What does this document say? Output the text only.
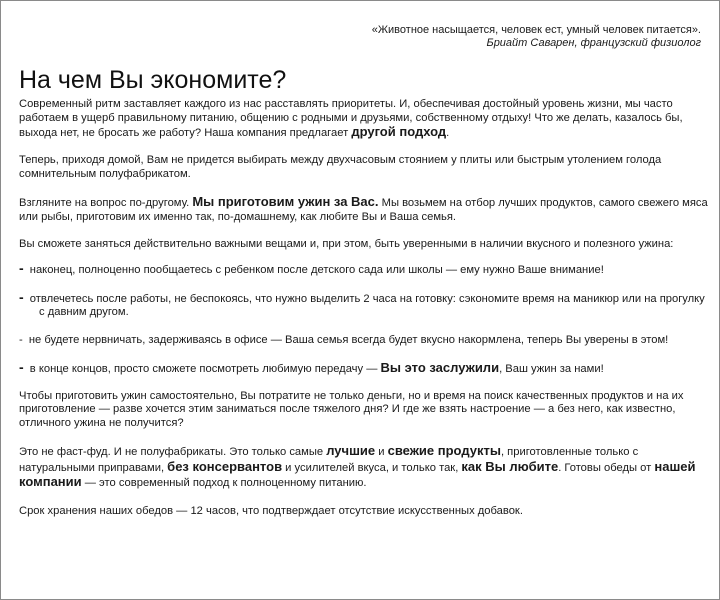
«Животное насыщается, человек ест, умный человек питается».
Бриайт Саварен, французский физиолог
На чем Вы экономите?

Современный ритм заставляет каждого из нас расставлять приоритеты. И, обеспечивая достойный уровень жизни, мы часто работаем в ущерб правильному питанию, общению с родными и друзьями, собственному отдыху! Что же делать, казалось бы, выхода нет, не бросать же работу? Наша компания предлагает другой подход.

Теперь, приходя домой, Вам не придется выбирать между двухчасовым стоянием у плиты или быстрым утолением голода сомнительным полуфабрикатом.

Взгляните на вопрос по-другому. Мы приготовим ужин за Вас. Мы возьмем на отбор лучших продуктов, самого свежего мяса или рыбы, приготовим их именно так, по-домашнему, как любите Вы и Ваша семья.

Вы сможете заняться действительно важными вещами и, при этом, быть уверенными в наличии вкусного и полезного ужина:

- наконец, полноценно пообщаетесь с ребенком после детского сада или школы — ему нужно Ваше внимание!
- отвлечетесь после работы, не беспокоясь, что нужно выделить 2 часа на готовку: сэкономите время на маникюр или на прогулку с давним другом.
- не будете нервничать, задерживаясь в офисе — Ваша семья всегда будет вкусно накормлена, теперь Вы уверены в этом!
- в конце концов, просто сможете посмотреть любимую передачу — Вы это заслужили, Ваш ужин за нами!

Чтобы приготовить ужин самостоятельно, Вы потратите не только деньги, но и время на поиск качественных продуктов и на их приготовление — разве хочется этим заниматься после тяжелого дня? И где же взять настроение — а без него, как известно, отличного ужина не получится?

Это не фаст-фуд. И не полуфабрикаты. Это только самые лучшие и свежие продукты, приготовленные только с натуральными приправами, без консервантов и усилителей вкуса, и только так, как Вы любите. Готовы обеды от нашей компании — это современный подход к полноценному питанию.

Срок хранения наших обедов — 12 часов, что подтверждает отсутствие искусственных добавок.
